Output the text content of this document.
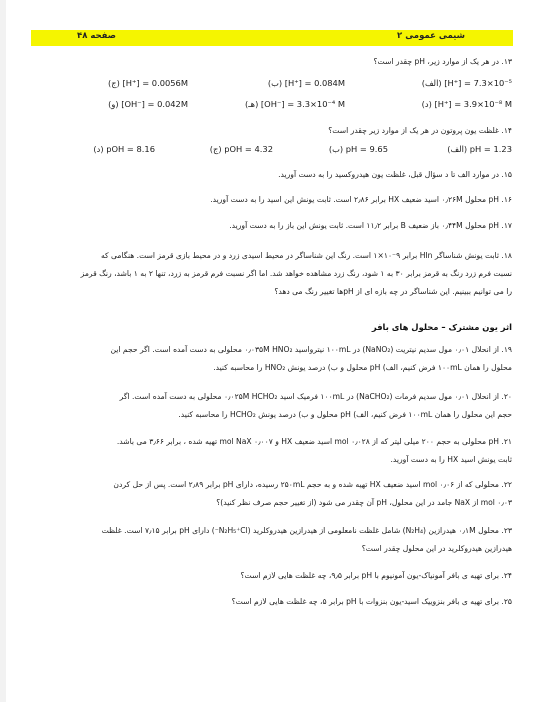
شیمی عمومی ۲
صفحه ۴۸
۱۳. در هر یک از موارد زیر، pH چقدر است؟
(الف) [H⁺] = 7.3×10⁻⁵
(ب) [H⁺] = 0.084M
(ج) [H⁺] = 0.0056M
(د) [H⁺] = 3.9×10⁻⁸ M
(هـ) [OH⁻] = 3.3×10⁻⁴ M
(و) [OH⁻] = 0.042M
۱۴. غلظت یون پروتون در هر یک از موارد زیر چقدر است؟
(الف) pH = 1.23
(ب) pH = 9.65
(ج) pOH = 4.32
(د) pOH = 8.16
۱۵. در موارد الف تا د سؤال قبل، غلظت یون هیدروکسید را به دست آورید.
۱۶. pH محلول ۰٫۲۶M اسید ضعیف HX برابر ۲٫۸۶ است. ثابت یونش این اسید را به دست آورید.
۱۷. pH محلول ۰٫۴۴M باز ضعیف B برابر ۱۱٫۲ است. ثابت یونش این باز را به دست آورید.
۱۸. ثابت یونش شناساگر HIn برابر ۹⁻۱۰×۱ است. رنگ این شناساگر در محیط اسیدی زرد و در محیط بازی قرمز است. هنگامی که
نسبت فرم زرد رنگ به قرمز برابر ۳۰ به ۱ شود، رنگ زرد مشاهده خواهد شد. اما اگر نسبت فرم قرمز به زرد، تنها ۲ به ۱ باشد، رنگ قرمز
را می توانیم ببینیم. این شناساگر در چه بازه ای از pHها تغییر رنگ می دهد؟
اثر یون مشترک – محلول های بافر
۱۹. از انحلال ۰٫۰۱ مول سدیم نیتریت (NaNO₂) در ۱۰۰mL نیترواسید ۰٫۰۳۵M HNO₂ محلولی به دست آمده است. اگر حجم این
محلول را همان ۱۰۰mL فرض کنیم، الف) pH محلول و ب) درصد یونش HNO₂ را محاسبه کنید.
۲۰. از انحلال ۰٫۰۱ مول سدیم فرمات (NaCHO₂) در ۱۰۰mL فرمیک اسید ۰٫۰۲۵M HCHO₂ محلولی به دست آمده است. اگر
حجم این محلول را همان ۱۰۰mL فرض کنیم، الف) pH محلول و ب) درصد یونش HCHO₂ را محاسبه کنید.
۲۱. pH محلولی به حجم ۲۰۰ میلی لیتر که از ۰٫۰۲۸ mol اسید ضعیف HX و ۰٫۰۰۷ mol NaX تهیه شده ، برابر ۳٫۶۶ می باشد.
ثابت یونش اسید HX را به دست آورید.
۲۲. محلولی که از ۰٫۰۶ mol اسید ضعیف HX تهیه شده و به حجم ۲۵۰mL رسیده، دارای pH برابر ۲٫۸۹ است. پس از حل کردن
۰٫۰۳ mol از NaX جامد در این محلول، pH آن چقدر می شود (از تغییر حجم صرف نظر کنید)؟
۲۳. محلول ۰٫۱M هیدرازین (N₂H₄) شامل غلظت نامعلومی از هیدرازین هیدروکلرید (N₂H₅⁺Cl⁻) دارای pH برابر ۷٫۱۵ است. غلظت
هیدرازین هیدروکلرید در این محلول چقدر است؟
۲۴. برای تهیه ی بافر آمونیاک-یون آمونیوم با pH برابر ۹٫۵، چه غلظت هایی لازم است؟
۲۵. برای تهیه ی بافر بنزوییک اسید-یون بنزوات با pH برابر ۵، چه غلظت هایی لازم است؟
